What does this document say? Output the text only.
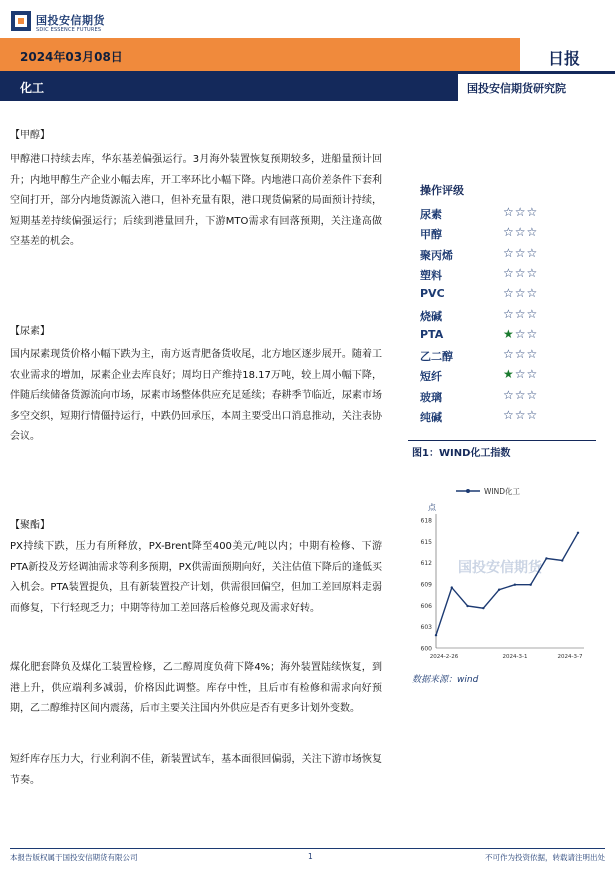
国投安信期货
SDIC ESSENCE FUTURES
2024年03月08日	日报
化工	国投安信期货研究院
【甲醇】
甲醇港口持续去库，华东基差偏强运行。3月海外装置恢复预期较多，进船量预计回升；内地甲醇生产企业小幅去库，开工率环比小幅下降。内地港口高价差条件下套利空间打开，部分内地货源流入港口，但补充量有限，港口现货偏紧的局面预计持续，短期基差持续偏强运行；后续到港量回升，下游MTO需求有回落预期，关注逢高做空基差的机会。
【尿素】
国内尿素现货价格小幅下跌为主，南方返青肥备货收尾，北方地区逐步展开。随着工农业需求的增加，尿素企业去库良好；周均日产维持18.17万吨，较上周小幅下降，伴随后续储备货源流向市场，尿素市场整体供应充足延续；春耕季节临近，尿素市场多空交织，短期行情僵持运行，中跌仍回承压，本周主要受出口消息推动，关注表协会议。
【聚酯】
PX持续下跌，压力有所释放，PX-Brent降至400美元/吨以内；中期有检修、下游PTA新投及芳烃调油需求等利多预期，PX供需面预期向好，关注估值下降后的逢低买入机会。PTA装置提负，且有新装置投产计划，供需很回偏空，但加工差回原料走弱而修复，下行轻现乏力；中期等待加工差回落后检修兑现及需求好转。
煤化肥套降负及煤化工装置检修，乙二醇周度负荷下降4%；海外装置陆续恢复，到港上升，供应端利多减弱，价格因此调整。库存中性，且后市有检修和需求向好预期，乙二醇维持区间内震荡，后市主要关注国内外供应是否有更多计划外变数。
短纤库存压力大，行业利润不佳，新装置试车，基本面很回偏弱，关注下游市场恢复节奏。
操作评级
尿素	☆☆☆
甲醇	☆☆☆
聚丙烯	☆☆☆
塑料	☆☆☆
PVC	☆☆☆
烧碱	☆☆☆
PTA	★☆☆
乙二醇	☆☆☆
短纤	★☆☆
玻璃	☆☆☆
纯碱	☆☆☆
图1：WIND化工指数
国投安信期货
点
600
603
606
609
612
615
618
2024-2-26	2024-3-1	2024-3-7
WIND化工
数据来源：wind
本报告版权属于国投安信期货有限公司	1	不可作为投资依据，转载请注明出处
